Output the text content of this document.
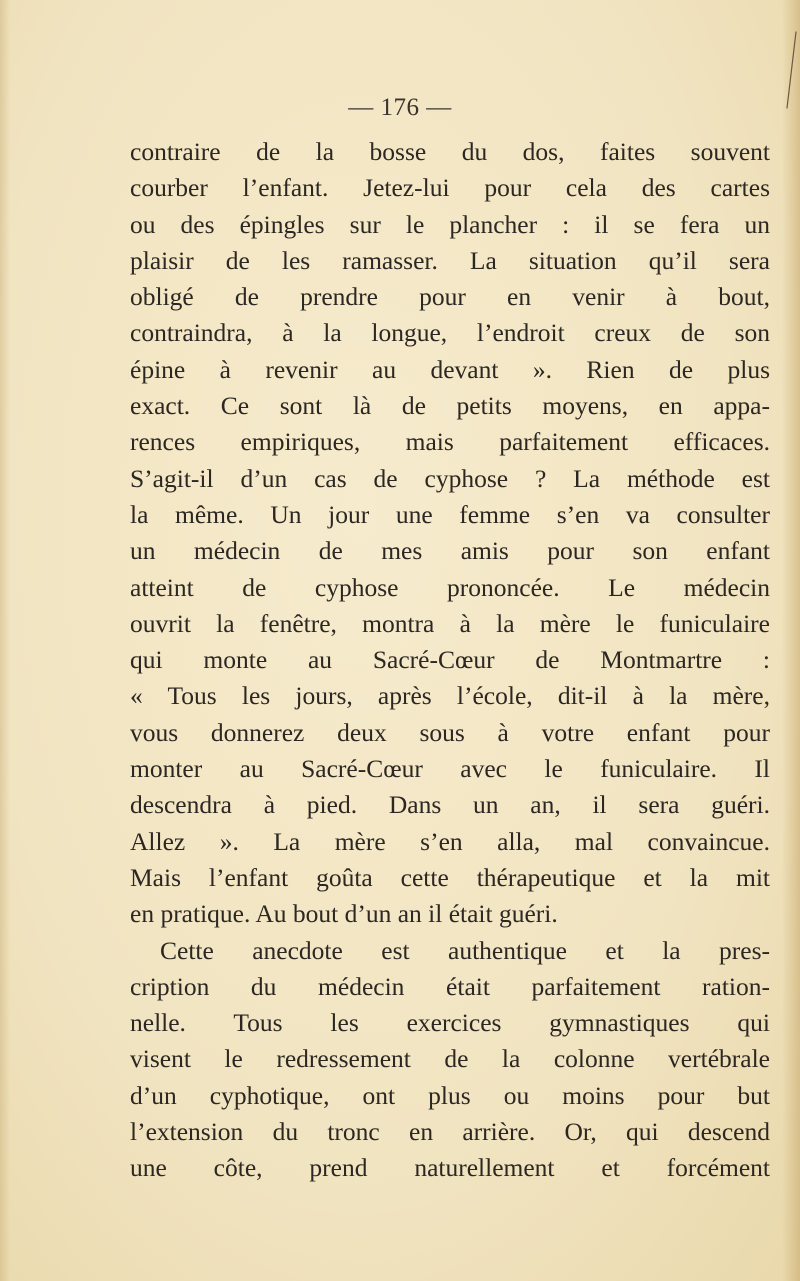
— 176 —
contraire de la bosse du dos, faites souvent
courber l’enfant. Jetez-lui pour cela des cartes
ou des épingles sur le plancher : il se fera un
plaisir de les ramasser. La situation qu’il sera
obligé de prendre pour en venir à bout,
contraindra, à la longue, l’endroit creux de son
épine à revenir au devant ». Rien de plus
exact. Ce sont là de petits moyens, en appa-
rences empiriques, mais parfaitement efficaces.
S’agit-il d’un cas de cyphose ? La méthode est
la même. Un jour une femme s’en va consulter
un médecin de mes amis pour son enfant
atteint de cyphose prononcée. Le médecin
ouvrit la fenêtre, montra à la mère le funiculaire
qui monte au Sacré-Cœur de Montmartre :
« Tous les jours, après l’école, dit-il à la mère,
vous donnerez deux sous à votre enfant pour
monter au Sacré-Cœur avec le funiculaire. Il
descendra à pied. Dans un an, il sera guéri.
Allez ». La mère s’en alla, mal convaincue.
Mais l’enfant goûta cette thérapeutique et la mit
en pratique. Au bout d’un an il était guéri.
Cette anecdote est authentique et la pres-
cription du médecin était parfaitement ration-
nelle. Tous les exercices gymnastiques qui
visent le redressement de la colonne vertébrale
d’un cyphotique, ont plus ou moins pour but
l’extension du tronc en arrière. Or, qui descend
une côte, prend naturellement et forcément
